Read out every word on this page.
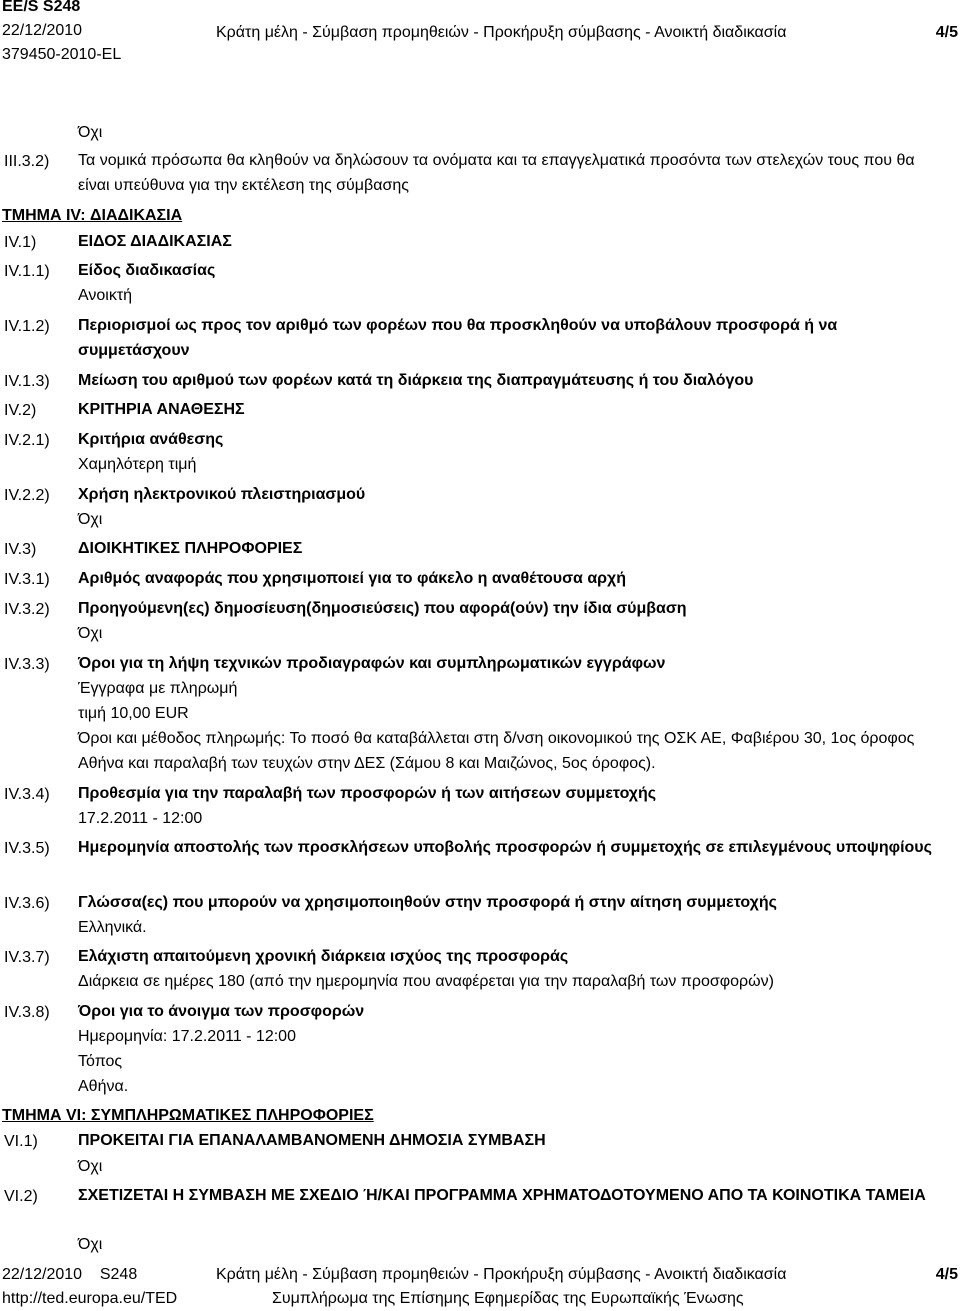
EE/S S248
22/12/2010
379450-2010-EL
Κράτη μέλη - Σύμβαση προμηθειών - Προκήρυξη σύμβασης - Ανοικτή διαδικασία	4/5
Όχι
III.3.2) Τα νομικά πρόσωπα θα κληθούν να δηλώσουν τα ονόματα και τα επαγγελματικά προσόντα των στελεχών τους που θα είναι υπεύθυνα για την εκτέλεση της σύμβασης
ΤΜΗΜΑ IV: ΔΙΑΔΙΚΑΣΙΑ
IV.1)	ΕΙΔΟΣ ΔΙΑΔΙΚΑΣΙΑΣ
IV.1.1) Είδος διαδικασίας
Ανοικτή
IV.1.2) Περιορισμοί ως προς τον αριθμό των φορέων που θα προσκληθούν να υποβάλουν προσφορά ή να συμμετάσχουν
IV.1.3) Μείωση του αριθμού των φορέων κατά τη διάρκεια της διαπραγμάτευσης ή του διαλόγου
IV.2)	ΚΡΙΤΗΡΙΑ ΑΝΑΘΕΣΗΣ
IV.2.1) Κριτήρια ανάθεσης
Χαμηλότερη τιμή
IV.2.2) Χρήση ηλεκτρονικού πλειστηριασμού
Όχι
IV.3)	ΔΙΟΙΚΗΤΙΚΕΣ ΠΛΗΡΟΦΟΡΙΕΣ
IV.3.1) Αριθμός αναφοράς που χρησιμοποιεί για το φάκελο η αναθέτουσα αρχή
IV.3.2) Προηγούμενη(ες) δημοσίευση(δημοσιεύσεις) που αφορά(ούν) την ίδια σύμβαση
Όχι
IV.3.3) Όροι για τη λήψη τεχνικών προδιαγραφών και συμπληρωματικών εγγράφων
Έγγραφα με πληρωμή
τιμή 10,00 EUR
Όροι και μέθοδος πληρωμής: Το ποσό θα καταβάλλεται στη δ/νση οικονομικού της ΟΣΚ ΑΕ, Φαβιέρου 30, 1ος όροφος Αθήνα και παραλαβή των τευχών στην ΔΕΣ (Σάμου 8 και Μαιζώνος, 5ος όροφος).
IV.3.4) Προθεσμία για την παραλαβή των προσφορών ή των αιτήσεων συμμετοχής
17.2.2011 - 12:00
IV.3.5) Ημερομηνία αποστολής των προσκλήσεων υποβολής προσφορών ή συμμετοχής σε επιλεγμένους υποψηφίους
IV.3.6) Γλώσσα(ες) που μπορούν να χρησιμοποιηθούν στην προσφορά ή στην αίτηση συμμετοχής
Ελληνικά.
IV.3.7) Ελάχιστη απαιτούμενη χρονική διάρκεια ισχύος της προσφοράς
Διάρκεια σε ημέρες 180 (από την ημερομηνία που αναφέρεται για την παραλαβή των προσφορών)
IV.3.8) Όροι για το άνοιγμα των προσφορών
Ημερομηνία: 17.2.2011 - 12:00
Τόπος
Αθήνα.
ΤΜΗΜΑ VI: ΣΥΜΠΛΗΡΩΜΑΤΙΚΕΣ ΠΛΗΡΟΦΟΡΙΕΣ
VI.1)	ΠΡΟΚΕΙΤΑΙ ΓΙΑ ΕΠΑΝΑΛΑΜΒΑΝΟΜΕΝΗ ΔΗΜΟΣΙΑ ΣΥΜΒΑΣΗ
Όχι
VI.2)	ΣΧΕΤΙΖΕΤΑΙ Η ΣΥΜΒΑΣΗ ΜΕ ΣΧΕΔΙΟ Ή/ΚΑΙ ΠΡΟΓΡΑΜΜΑ ΧΡΗΜΑΤΟΔΟΤΟΥΜΕΝΟ ΑΠΟ ΤΑ ΚΟΙΝΟΤΙΚΑ ΤΑΜΕΙΑ
Όχι
22/12/2010    S248
http://ted.europa.eu/TED
Κράτη μέλη - Σύμβαση προμηθειών - Προκήρυξη σύμβασης - Ανοικτή διαδικασία
Συμπλήρωμα της Επίσημης Εφημερίδας της Ευρωπαϊκής Ένωσης
4/5
